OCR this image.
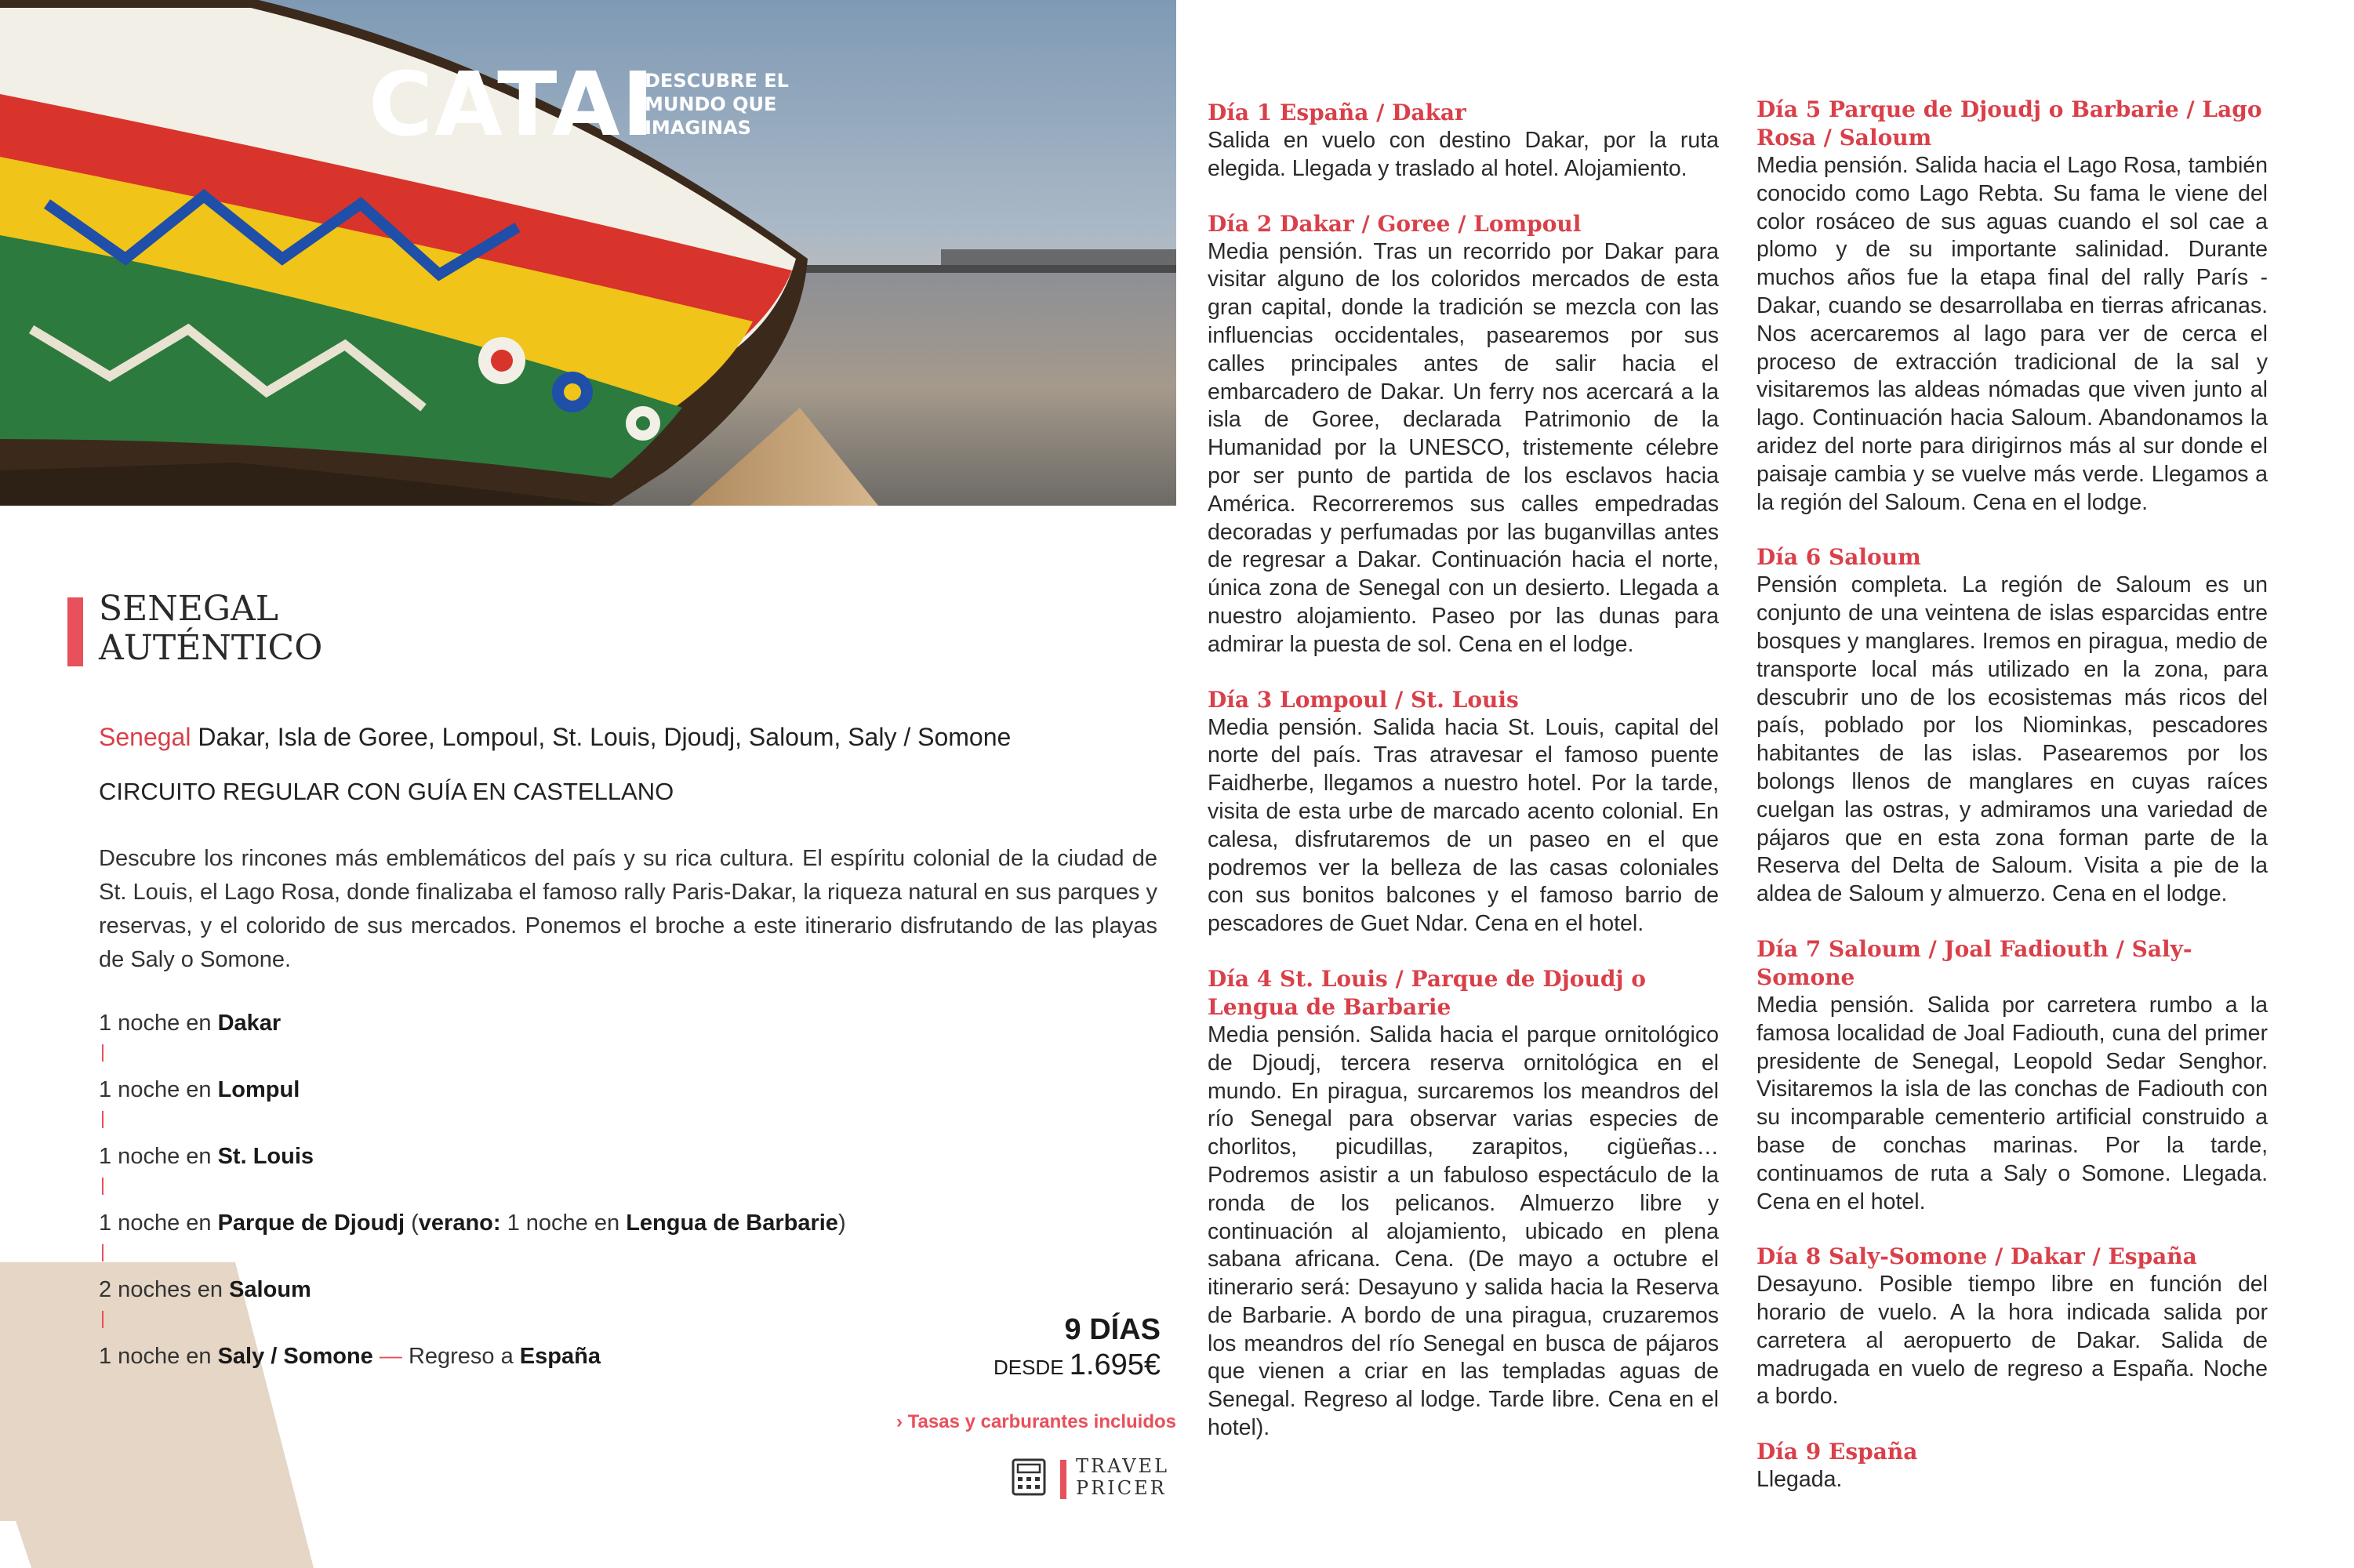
CATAI
DESCUBRE EL
MUNDO QUE
IMAGINAS
SENEGAL
AUTÉNTICO
Senegal Dakar, Isla de Goree, Lompoul, St. Louis, Djoudj, Saloum, Saly / Somone
CIRCUITO REGULAR CON GUÍA EN CASTELLANO
Descubre los rincones más emblemáticos del país y su rica cultura. El espíritu colonial de la ciudad de St. Louis, el Lago Rosa, donde finalizaba el famoso rally Paris-Dakar, la riqueza natural en sus parques y reservas, y el colorido de sus mercados. Ponemos el broche a este itinerario disfrutando de las playas de Saly o Somone.
1 noche en Dakar
1 noche en Lompul
1 noche en St. Louis
1 noche en Parque de Djoudj (verano: 1 noche en Lengua de Barbarie)
2 noches en Saloum
1 noche en Saly / Somone — Regreso a España
9 DÍAS
DESDE 1.695€
› Tasas y carburantes incluidos
TRAVEL
PRICER

Día 1 España / Dakar

Salida en vuelo con destino Dakar, por la ruta elegida. Llegada y traslado al hotel. Alojamiento.

Día 2 Dakar / Goree / Lompoul

Media pensión. Tras un recorrido por Dakar para visitar alguno de los coloridos mercados de esta gran capital, donde la tradición se mezcla con las influencias occidentales, pasearemos por sus calles principales antes de salir hacia el embarcadero de Dakar. Un ferry nos acercará a la isla de Goree, declarada Patrimonio de la Humanidad por la UNESCO, tristemente célebre por ser punto de partida de los esclavos hacia América. Recorreremos sus calles empedradas decoradas y perfumadas por las buganvillas antes de regresar a Dakar. Continuación hacia el norte, única zona de Senegal con un desierto. Llegada a nuestro alojamiento. Paseo por las dunas para admirar la puesta de sol. Cena en el lodge.

Día 3 Lompoul / St. Louis

Media pensión. Salida hacia St. Louis, capital del norte del país. Tras atravesar el famoso puente Faidherbe, llegamos a nuestro hotel. Por la tarde, visita de esta urbe de marcado acento colonial. En calesa, disfrutaremos de un paseo en el que podremos ver la belleza de las casas coloniales con sus bonitos balcones y el famoso barrio de pescadores de Guet Ndar. Cena en el hotel.

Día 4 St. Louis / Parque de Djoudj o Lengua de Barbarie

Media pensión. Salida hacia el parque ornitológico de Djoudj, tercera reserva ornitológica en el mundo. En piragua, surcaremos los meandros del río Senegal para observar varias especies de chorlitos, picudillas, zarapitos, cigüeñas…Podremos asistir a un fabuloso espectáculo de la ronda de los pelicanos. Almuerzo libre y continuación al alojamiento, ubicado en plena sabana africana. Cena. (De mayo a octubre el itinerario será: Desayuno y salida hacia la Reserva de Barbarie. A bordo de una piragua, cruzaremos los meandros del río Senegal en busca de pájaros que vienen a criar en las templadas aguas de Senegal. Regreso al lodge. Tarde libre. Cena en el hotel).

Día 5 Parque de Djoudj o Barbarie / Lago Rosa / Saloum

Media pensión. Salida hacia el Lago Rosa, también conocido como Lago Rebta. Su fama le viene del color rosáceo de sus aguas cuando el sol cae a plomo y de su importante salinidad. Durante muchos años fue la etapa final del rally París - Dakar, cuando se desarrollaba en tierras africanas. Nos acercaremos al lago para ver de cerca el proceso de extracción tradicional de la sal y visitaremos las aldeas nómadas que viven junto al lago. Continuación hacia Saloum. Abandonamos la aridez del norte para dirigirnos más al sur donde el paisaje cambia y se vuelve más verde. Llegamos a la región del Saloum. Cena en el lodge.

Día 6 Saloum

Pensión completa. La región de Saloum es un conjunto de una veintena de islas esparcidas entre bosques y manglares. Iremos en piragua, medio de transporte local más utilizado en la zona, para descubrir uno de los ecosistemas más ricos del país, poblado por los Niominkas, pescadores habitantes de las islas. Pasearemos por los bolongs llenos de manglares en cuyas raíces cuelgan las ostras, y admiramos una variedad de pájaros que en esta zona forman parte de la Reserva del Delta de Saloum. Visita a pie de la aldea de Saloum y almuerzo. Cena en el lodge.

Día 7 Saloum / Joal Fadiouth / Saly-Somone

Media pensión. Salida por carretera rumbo a la famosa localidad de Joal Fadiouth, cuna del primer presidente de Senegal, Leopold Sedar Senghor. Visitaremos la isla de las conchas de Fadiouth con su incomparable cementerio artificial construido a base de conchas marinas. Por la tarde, continuamos de ruta a Saly o Somone. Llegada. Cena en el hotel.

Día 8 Saly-Somone / Dakar / España

Desayuno. Posible tiempo libre en función del horario de vuelo. A la hora indicada salida por carretera al aeropuerto de Dakar. Salida de madrugada en vuelo de regreso a España. Noche a bordo.

Día 9 España

Llegada.
